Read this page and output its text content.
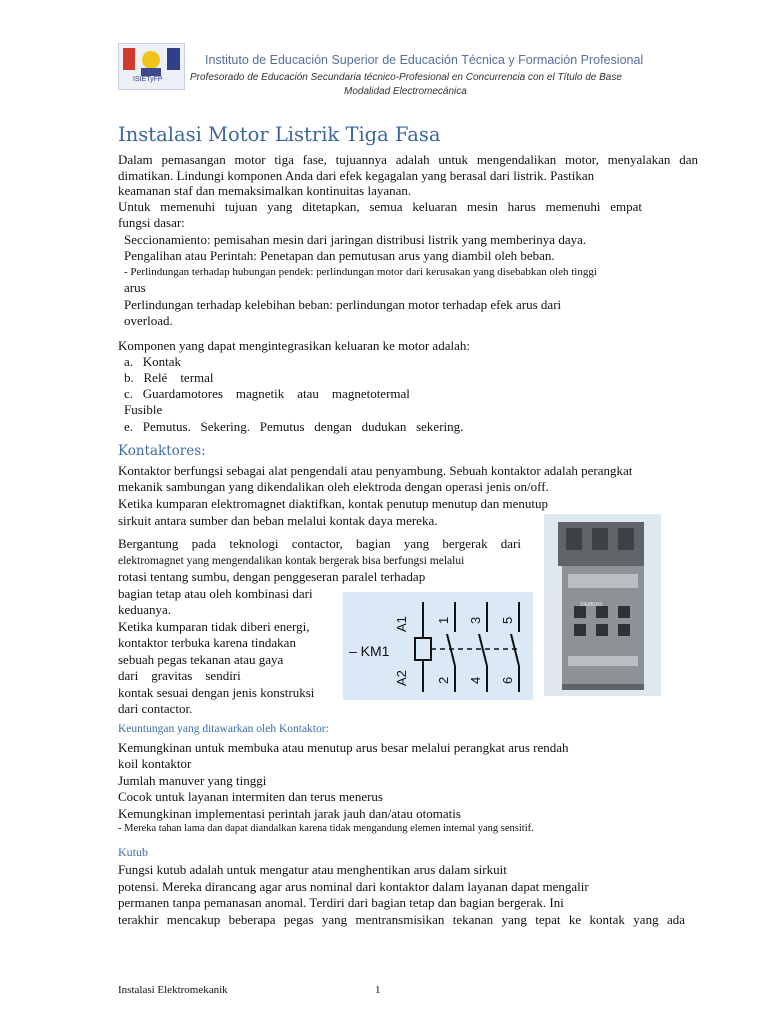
ISIETyFP
Instituto de Educación Superior de Educación Técnica y Formación Profesional
Profesorado de Educación Secundaria técnico-Profesional en Concurrencia con el Título de Base
Modalidad Electromecánica
Instalasi Motor Listrik Tiga Fasa
Dalam pemasangan motor tiga fase, tujuannya adalah untuk mengendalikan motor, menyalakan dan
dimatikan. Lindungi komponen Anda dari efek kegagalan yang berasal dari listrik. Pastikan
keamanan staf dan memaksimalkan kontinuitas layanan.
Untuk memenuhi tujuan yang ditetapkan, semua keluaran mesin harus memenuhi empat
fungsi dasar:
Seccionamiento: pemisahan mesin dari jaringan distribusi listrik yang memberinya daya.
Pengalihan atau Perintah: Penetapan dan pemutusan arus yang diambil oleh beban.
- Perlindungan terhadap hubungan pendek: perlindungan motor dari kerusakan yang disebabkan oleh tinggi
arus
Perlindungan terhadap kelebihan beban: perlindungan motor terhadap efek arus dari
overload.
Komponen yang dapat mengintegrasikan keluaran ke motor adalah:
a.   Kontak
b.   Relé    termal
c.   Guardamotores    magnetik    atau    magnetotermal
Fusible
e.   Pemutus.   Sekering.   Pemutus   dengan   dudukan   sekering.
Kontaktores:
Kontaktor berfungsi sebagai alat pengendali atau penyambung. Sebuah kontaktor adalah perangkat
mekanik sambungan yang dikendalikan oleh elektroda dengan operasi jenis on/off.
Ketika kumparan elektromagnet diaktifkan, kontak penutup menutup dan menutup
sirkuit antara sumber dan beban melalui kontak daya mereka.
Bergantung pada teknologi contactor, bagian yang bergerak dari
elektromagnet yang mengendalikan kontak bergerak bisa berfungsi melalui
rotasi tentang sumbu, dengan penggeseran paralel terhadap
bagian tetap atau oleh kombinasi dari
keduanya.
Ketika kumparan tidak diberi energi,
kontaktor terbuka karena tindakan
sebuah pegas tekanan atau gaya
dari    gravitas    sendiri
kontak sesuai dengan jenis konstruksi
dari contactor.
– KM1
A1
A2
1 3 5
2 4 6
SIEMENS
Keuntungan yang ditawarkan oleh Kontaktor:
Kemungkinan untuk membuka atau menutup arus besar melalui perangkat arus rendah
koil kontaktor
Jumlah manuver yang tinggi
Cocok untuk layanan intermiten dan terus menerus
Kemungkinan implementasi perintah jarak jauh dan/atau otomatis
- Mereka tahan lama dan dapat diandalkan karena tidak mengandung elemen internal yang sensitif.
Kutub
Fungsi kutub adalah untuk mengatur atau menghentikan arus dalam sirkuit
potensi. Mereka dirancang agar arus nominal dari kontaktor dalam layanan dapat mengalir
permanen tanpa pemanasan anomal. Terdiri dari bagian tetap dan bagian bergerak. Ini
terakhir mencakup beberapa pegas yang mentransmisikan tekanan yang tepat ke kontak yang ada
Instalasi Elektromekanik	1
